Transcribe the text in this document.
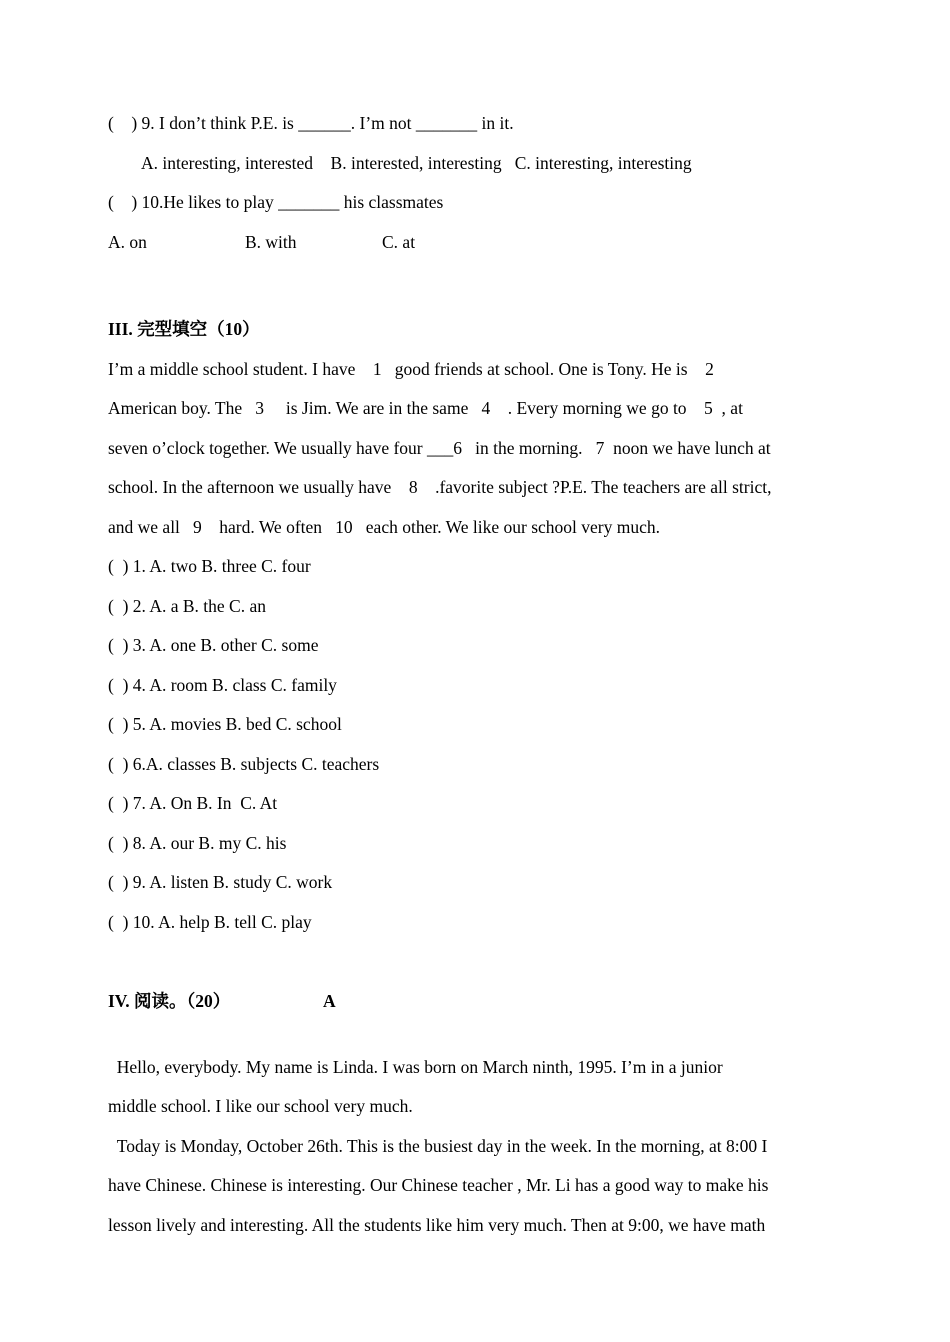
(    ) 9. I don’t think P.E. is ______. I’m not _______ in it.
A. interesting, interested    B. interested, interesting   C. interesting, interesting
(    ) 10.He likes to play _______ his classmates
A. on	B. with	C. at
III. 完型填空（10）
I’m a middle school student. I have    1   good friends at school. One is Tony. He is    2
American boy. The   3     is Jim. We are in the same   4    . Every morning we go to    5  , at
seven o’clock together. We usually have four ___6   in the morning.   7  noon we have lunch at
school. In the afternoon we usually have    8    .favorite subject ?P.E. The teachers are all strict,
and we all   9    hard. We often   10   each other. We like our school very much.
(  ) 1. A. two B. three C. four
(  ) 2. A. a B. the C. an
(  ) 3. A. one B. other C. some
(  ) 4. A. room B. class C. family
(  ) 5. A. movies B. bed C. school
(  ) 6.A. classes B. subjects C. teachers
(  ) 7. A. On B. In  C. At
(  ) 8. A. our B. my C. his
(  ) 9. A. listen B. study C. work
(  ) 10. A. help B. tell C. play
IV. 阅读。（20）	A
Hello, everybody. My name is Linda. I was born on March ninth, 1995. I’m in a junior
middle school. I like our school very much.
Today is Monday, October 26th. This is the busiest day in the week. In the morning, at 8:00 I
have Chinese. Chinese is interesting. Our Chinese teacher , Mr. Li has a good way to make his
lesson lively and interesting. All the students like him very much. Then at 9:00, we have math
